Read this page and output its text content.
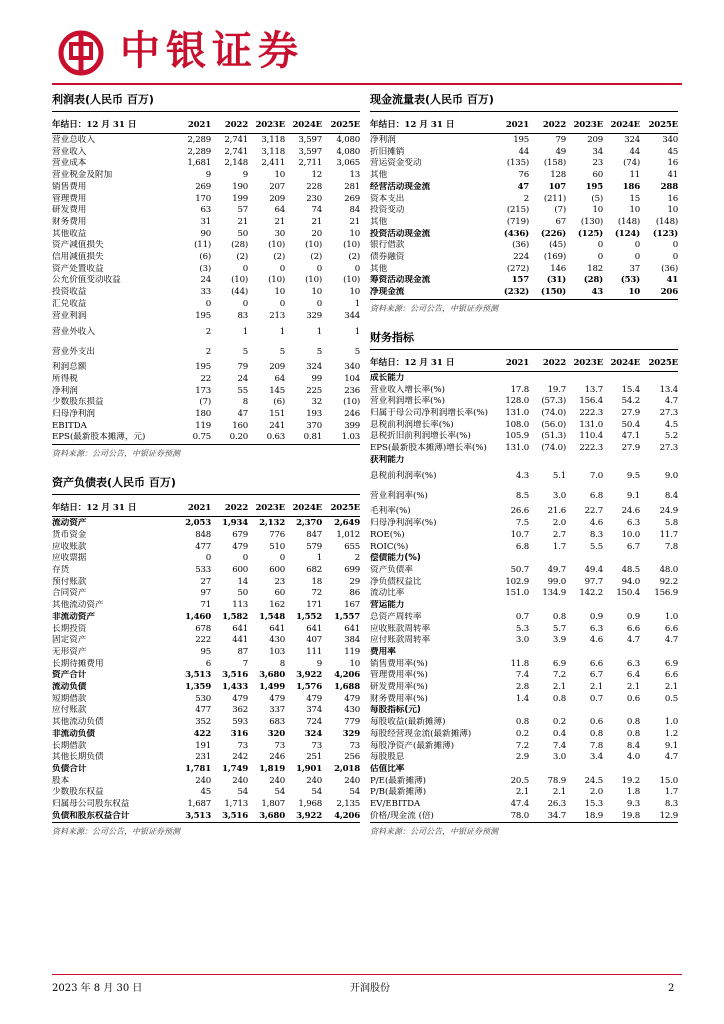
中银证券
利润表(人民币 百万)
年结日：12 月 31 日	2021	2022 2023E 2024E 2025E
营业总收入	2,289	2,741	3,118	3,597	4,080
营业收入	2,289	2,741	3,118	3,597	4,080
营业成本	1,681	2,148	2,411	2,711	3,065
营业税金及附加	9	9	10	12	13
销售费用	269	190	207	228	281
管理费用	170	199	209	230	269
研发费用	63	57	64	74	84
财务费用	31	21	21	21	21
其他收益	90	50	30	20	10
资产减值损失	(11)	(28)	(10)	(10)	(10)
信用减值损失	(6)	(2)	(2)	(2)	(2)
资产处置收益	(3)	0	0	0	0
公允价值变动收益	24	(10)	(10)	(10)	(10)
投资收益	33	(44)	10	10	10
汇兑收益	0	0	0	0	1
营业利润	195	83	213	329	344
营业外收入	2	1	1	1	1
营业外支出	2	5	5	5	5
利润总额	195	79	209	324	340
所得税	22	24	64	99	104
净利润	173	55	145	225	236
少数股东损益	(7)	8	(6)	32	(10)
归母净利润	180	47	151	193	246
EBITDA	119	160	241	370	399
EPS(最新股本摊薄，元)	0.75	0.20	0.63	0.81	1.03
资料来源：公司公告，中银证券预测
资产负债表(人民币 百万)
年结日：12 月 31 日	2021	2022 2023E 2024E 2025E
流动资产	2,053	1,934	2,132	2,370	2,649
货币资金	848	679	776	847	1,012
应收账款	477	479	510	579	655
应收票据	0	0	0	1	2
存货	533	600	600	682	699
预付账款	27	14	23	18	29
合同资产	97	50	60	72	86
其他流动资产	71	113	162	171	167
非流动资产	1,460	1,582	1,548	1,552	1,557
长期投资	678	641	641	641	641
固定资产	222	441	430	407	384
无形资产	95	87	103	111	119
长期待摊费用	6	7	8	9	10
资产合计	3,513	3,516	3,680	3,922	4,206
流动负债	1,359	1,433	1,499	1,576	1,688
短期借款	530	479	479	479	479
应付账款	477	362	337	374	430
其他流动负债	352	593	683	724	779
非流动负债	422	316	320	324	329
长期借款	191	73	73	73	73
其他长期负债	231	242	246	251	256
负债合计	1,781	1,749	1,819	1,901	2,018
股本	240	240	240	240	240
少数股东权益	45	54	54	54	54
归属母公司股东权益	1,687	1,713	1,807	1,968	2,135
负债和股东权益合计	3,513	3,516	3,680	3,922	4,206
资料来源：公司公告，中银证券预测
现金流量表(人民币 百万)
年结日：12 月 31 日	2021	2022 2023E 2024E 2025E
净利润	195	79	209	324	340
折旧摊销	44	49	34	44	45
营运资金变动	(135)	(158)	23	(74)	16
其他	76	128	60	11	41
经营活动现金流	47	107	195	186	288
资本支出	2	(211)	(5)	15	16
投资变动	(215)	(7)	10	10	10
其他	(719)	67	(130)	(148)	(148)
投资活动现金流	(436)	(226)	(125)	(124)	(123)
银行借款	(36)	(45)	0	0	0
债券融资	224	(169)	0	0	0
其他	(272)	146	182	37	(36)
筹资活动现金流	157	(31)	(28)	(53)	41
净现金流	(232)	(150)	43	10	206
资料来源：公司公告，中银证券预测
财务指标
年结日：12 月 31 日	2021	2022 2023E 2024E 2025E
成长能力
营业收入增长率(%)	17.8	19.7	13.7	15.4	13.4
营业利润增长率(%)	128.0	(57.3)	156.4	54.2	4.7
归属于母公司净利润增长率(%)	131.0	(74.0)	222.3	27.9	27.3
息税前利润增长率(%)	108.0	(56.0)	131.0	50.4	4.5
息税折旧前利润增长率(%)	105.9	(51.3)	110.4	47.1	5.2
EPS(最新股本摊薄)增长率(%)	131.0	(74.0)	222.3	27.9	27.3
获利能力
息税前利润率(%)	4.3	5.1	7.0	9.5	9.0
营业利润率(%)	8.5	3.0	6.8	9.1	8.4
毛利率(%)	26.6	21.6	22.7	24.6	24.9
归母净利润率(%)	7.5	2.0	4.6	6.3	5.8
ROE(%)	10.7	2.7	8.3	10.0	11.7
ROIC(%)	6.8	1.7	5.5	6.7	7.8
偿债能力(%)
资产负债率	50.7	49.7	49.4	48.5	48.0
净负债权益比	102.9	99.0	97.7	94.0	92.2
流动比率	151.0	134.9	142.2	150.4	156.9
营运能力
总资产周转率	0.7	0.8	0.9	0.9	1.0
应收账款周转率	5.3	5.7	6.3	6.6	6.6
应付账款周转率	3.0	3.9	4.6	4.7	4.7
费用率
销售费用率(%)	11.8	6.9	6.6	6.3	6.9
管理费用率(%)	7.4	7.2	6.7	6.4	6.6
研发费用率(%)	2.8	2.1	2.1	2.1	2.1
财务费用率(%)	1.4	0.8	0.7	0.6	0.5
每股指标(元)
每股收益(最新摊薄)	0.8	0.2	0.6	0.8	1.0
每股经营现金流(最新摊薄)	0.2	0.4	0.8	0.8	1.2
每股净资产(最新摊薄)	7.2	7.4	7.8	8.4	9.1
每股股息	2.9	3.0	3.4	4.0	4.7
估值比率
P/E(最新摊薄)	20.5	78.9	24.5	19.2	15.0
P/B(最新摊薄)	2.1	2.1	2.0	1.8	1.7
EV/EBITDA	47.4	26.3	15.3	9.3	8.3
价格/现金流 (倍)	78.0	34.7	18.9	19.8	12.9
资料来源：公司公告，中银证券预测
2023 年 8 月 30 日	开润股份	2
